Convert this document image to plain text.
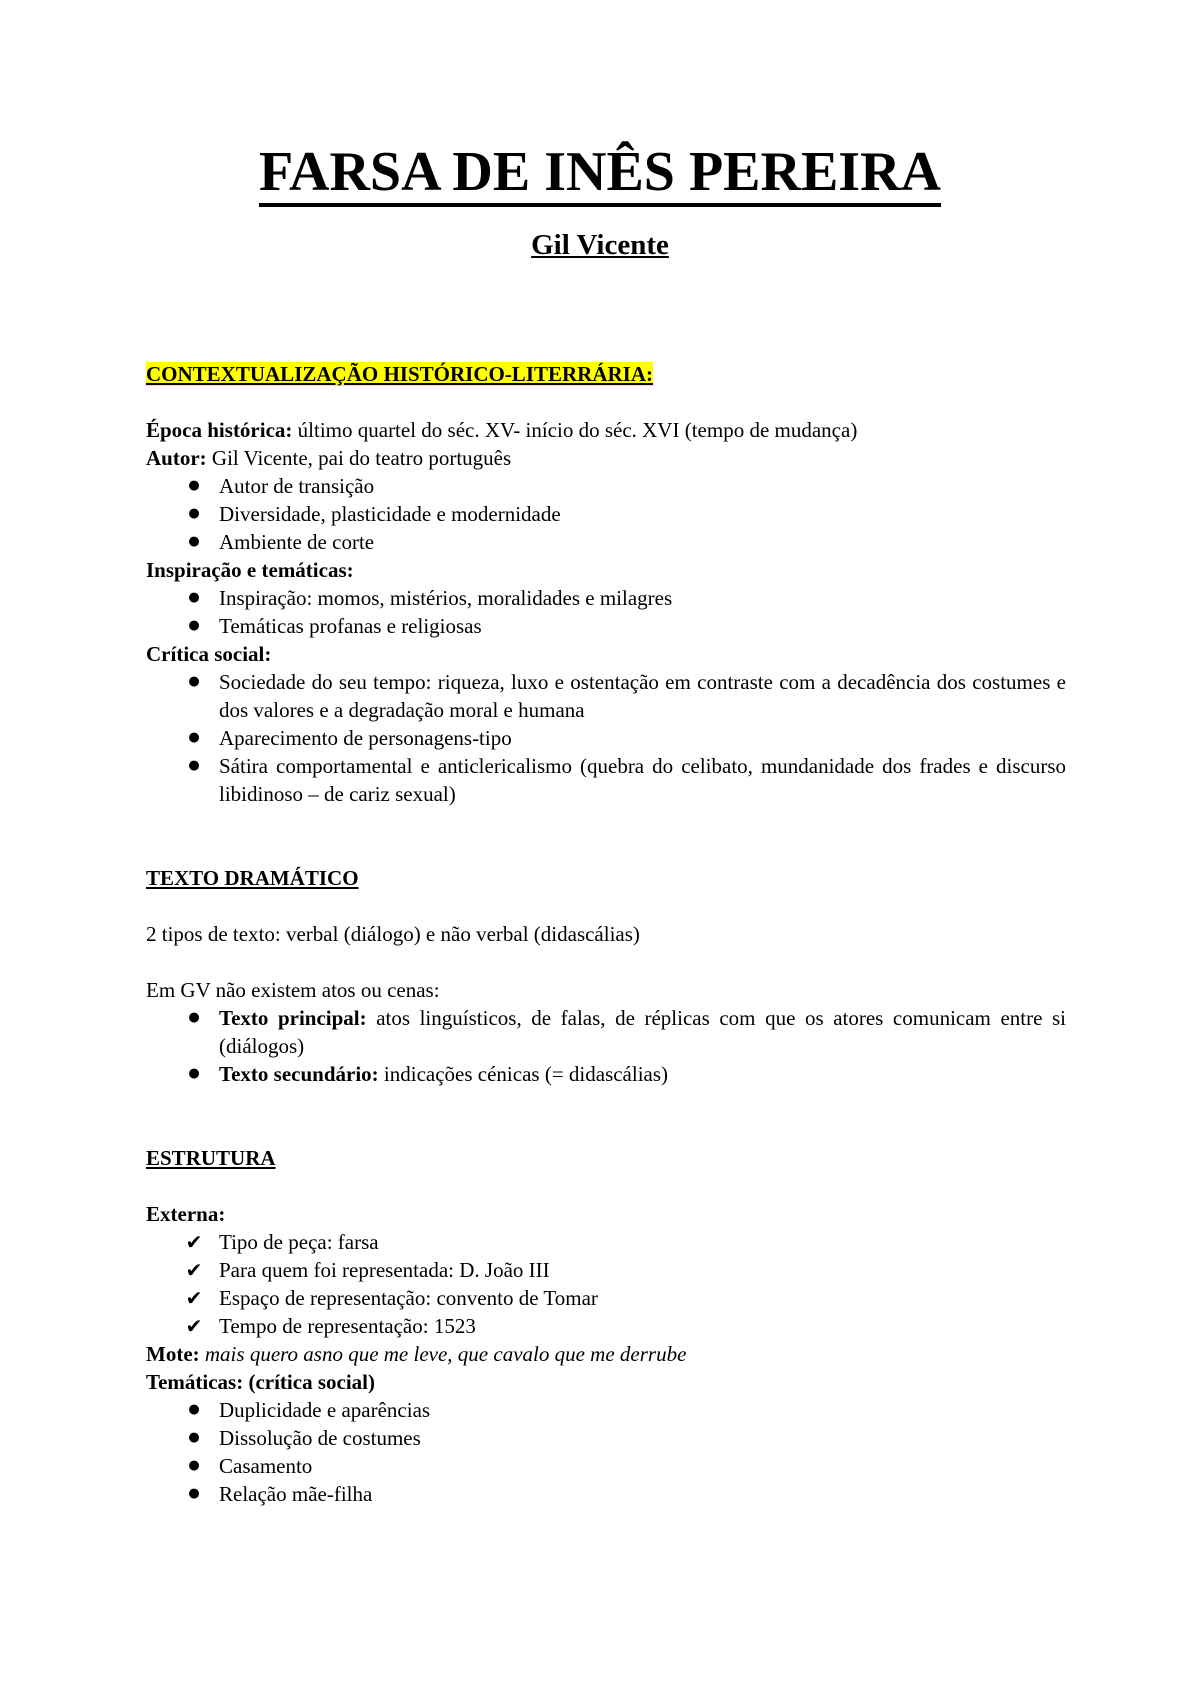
FARSA DE INÊS PEREIRA

Gil Vicente

CONTEXTUALIZAÇÃO HISTÓRICO-LITERRÁRIA:

Época histórica: último quartel do séc. XV- início do séc. XVI (tempo de mudança)

Autor: Gil Vicente, pai do teatro português

● Autor de transição
● Diversidade, plasticidade e modernidade
● Ambiente de corte

Inspiração e temáticas:

● Inspiração: momos, mistérios, moralidades e milagres
● Temáticas profanas e religiosas

Crítica social:

● Sociedade do seu tempo: riqueza, luxo e ostentação em contraste com a decadência dos costumes e dos valores e a degradação moral e humana
● Aparecimento de personagens-tipo
● Sátira comportamental e anticlericalismo (quebra do celibato, mundanidade dos frades e discurso libidinoso – de cariz sexual)

TEXTO DRAMÁTICO

2 tipos de texto: verbal (diálogo) e não verbal (didascálias)

Em GV não existem atos ou cenas:

● Texto principal: atos linguísticos, de falas, de réplicas com que os atores comunicam entre si (diálogos)
● Texto secundário: indicações cénicas (= didascálias)

ESTRUTURA

Externa:

✔ Tipo de peça: farsa
✔ Para quem foi representada: D. João III
✔ Espaço de representação: convento de Tomar
✔ Tempo de representação: 1523

Mote: mais quero asno que me leve, que cavalo que me derrube

Temáticas: (crítica social)

● Duplicidade e aparências
● Dissolução de costumes
● Casamento
● Relação mãe-filha
